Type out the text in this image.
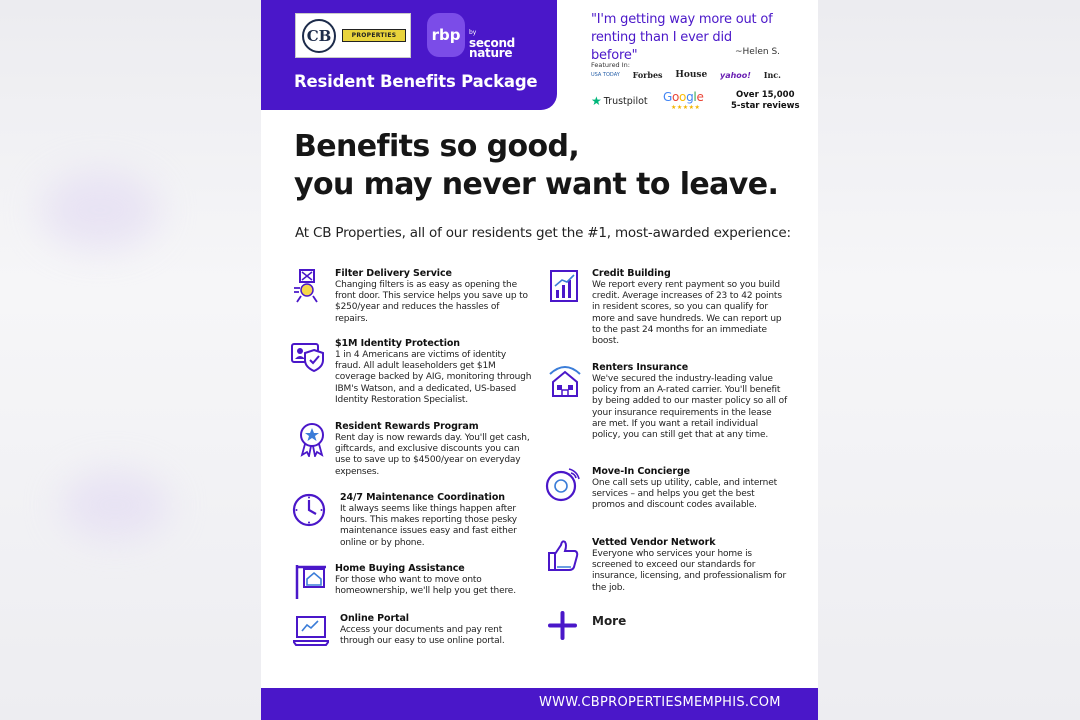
CB	PROPERTIES	rbp	by
second nature
Resident Benefits Package
"I'm getting way more out of renting than I ever did before"	~Helen S.
Featured In:
USA TODAY Forbes House yahoo! Inc.
★ Trustpilot Google
★★★★★
Over 15,000
5-star reviews
Benefits so good,
you may never want to leave.
At CB Properties, all of our residents get the #1, most-awarded experience:
Filter Delivery Service
Changing filters is as easy as opening the front door. This service helps you save up to $250/year and reduces the hassles of repairs.
$1M Identity Protection
1 in 4 Americans are victims of identity fraud. All adult leaseholders get $1M coverage backed by AIG, monitoring through IBM's Watson, and a dedicated, US-based Identity Restoration Specialist.
Resident Rewards Program
Rent day is now rewards day. You'll get cash, giftcards, and exclusive discounts you can use to save up to $4500/year on everyday expenses.
24/7 Maintenance Coordination
It always seems like things happen after hours. This makes reporting those pesky maintenance issues easy and fast either online or by phone.
Home Buying Assistance
For those who want to move onto homeownership, we'll help you get there.
Online Portal
Access your documents and pay rent through our easy to use online portal.
Credit Building
We report every rent payment so you build credit. Average increases of 23 to 42 points in resident scores, so you can qualify for more and save hundreds. We can report up to the past 24 months for an immediate boost.
Renters Insurance
We've secured the industry-leading value policy from an A-rated carrier. You'll benefit by being added to our master policy so all of your insurance requirements in the lease are met. If you want a retail individual policy, you can still get that at any time.
Move-In Concierge
One call sets up utility, cable, and internet services – and helps you get the best promos and discount codes available.
Vetted Vendor Network
Everyone who services your home is screened to exceed our standards for insurance, licensing, and professionalism for the job.
More
WWW.CBPROPERTIESMEMPHIS.COM
